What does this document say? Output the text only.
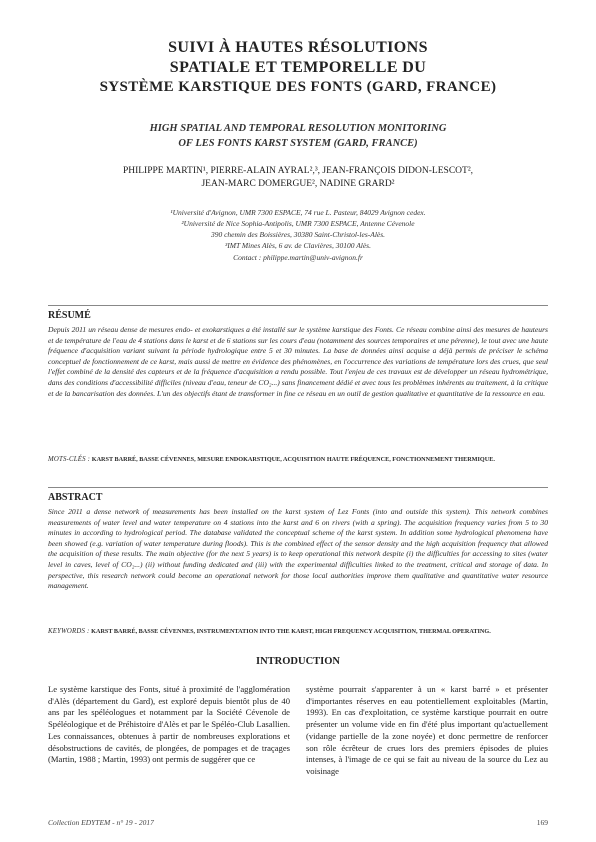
SUIVI À HAUTES RÉSOLUTIONS
SPATIALE ET TEMPORELLE DU
SYSTÈME KARSTIQUE DES FONTS (GARD, FRANCE)
HIGH SPATIAL AND TEMPORAL RESOLUTION MONITORING
OF LES FONTS KARST SYSTEM (GARD, FRANCE)
PHILIPPE MARTIN¹, PIERRE-ALAIN AYRAL²,³, JEAN-FRANÇOIS DIDON-LESCOT²,
JEAN-MARC DOMERGUE², NADINE GRARD²
¹Université d'Avignon, UMR 7300 ESPACE, 74 rue L. Pasteur, 84029 Avignon cedex.
²Université de Nice Sophia-Antipolis, UMR 7300 ESPACE, Antenne Cévenole
390 chemin des Boissières, 30380 Saint-Christol-les-Alès.
³IMT Mines Alès, 6 av. de Clavières, 30100 Alès.
Contact : philippe.martin@univ-avignon.fr
RÉSUMÉ
Depuis 2011 un réseau dense de mesures endo- et exokarstiques a été installé sur le système karstique des Fonts. Ce réseau combine ainsi des mesures de hauteurs et de température de l'eau de 4 stations dans le karst et de 6 stations sur les cours d'eau (notamment des sources temporaires et une pérenne), le tout avec une haute fréquence d'acquisition variant suivant la période hydrologique entre 5 et 30 minutes. La base de données ainsi acquise a déjà permis de préciser le schéma conceptuel de fonctionnement de ce karst, mais aussi de mettre en évidence des phénomènes, en l'occurrence des variations de température lors des crues, que seul l'effet combiné de la densité des capteurs et de la fréquence d'acquisition a rendu possible. Tout l'enjeu de ces travaux est de développer un réseau hydrométrique, dans des conditions d'accessibilité difficiles (niveau d'eau, teneur de CO₂...) sans financement dédié et avec tous les problèmes inhérents au traitement, à la critique et de la bancarisation des données. L'un des objectifs étant de transformer in fine ce réseau en un outil de gestion qualitative et quantitative de la ressource en eau.
MOTS-CLÉS : KARST BARRÉ, BASSE CÉVENNES, MESURE ENDOKARSTIQUE, ACQUISITION HAUTE FRÉQUENCE, FONCTIONNEMENT THERMIQUE.
ABSTRACT
Since 2011 a dense network of measurements has been installed on the karst system of Lez Fonts (into and outside this system). This network combines measurements of water level and water temperature on 4 stations into the karst and 6 on rivers (with a spring). The acquisition frequency varies from 5 to 30 minutes in according to hydrological period. The database validated the conceptual scheme of the karst system. In addition some hydrological phenomena have been showed (e.g. variation of water temperature during floods). This is the combined effect of the sensor density and the high acquisition frequency that allowed the acquisition of these results. The main objective (for the next 5 years) is to keep operational this network despite (i) the difficulties for accessing to sites (water level in caves, level of CO₂...) (ii) without funding dedicated and (iii) with the experimental difficulties linked to the treatment, critical and storage of data. In perspective, this research network could become an operational network for those local authorities improve them qualitative and quantitative water resource management.
KEYWORDS : KARST BARRÉ, BASSE CÉVENNES, INSTRUMENTATION INTO THE KARST, HIGH FREQUENCY ACQUISITION, THERMAL OPERATING.
INTRODUCTION
Le système karstique des Fonts, situé à proximité de l'agglomération d'Alès (département du Gard), est exploré depuis bientôt plus de 40 ans par les spéléologues et notamment par la Société Cévenole de Spéléologique et de Préhistoire d'Alès et par le Spéléo-Club Lasallien. Les connaissances, obtenues à partir de nombreuses explorations et désobstructions de cavités, de plongées, de pompages et de traçages (Martin, 1988 ; Martin, 1993) ont permis de suggérer que ce
système pourrait s'apparenter à un « karst barré » et présenter d'importantes réserves en eau potentiellement exploitables (Martin, 1993). En cas d'exploitation, ce système karstique pourrait en outre présenter un volume vide en fin d'été plus important qu'actuellement (vidange partielle de la zone noyée) et donc permettre de renforcer son rôle écrêteur de crues lors des premiers épisodes de pluies intenses, à l'image de ce qui se fait au niveau de la source du Lez au voisinage
Collection EDYTEM - n° 19 - 2017	169
